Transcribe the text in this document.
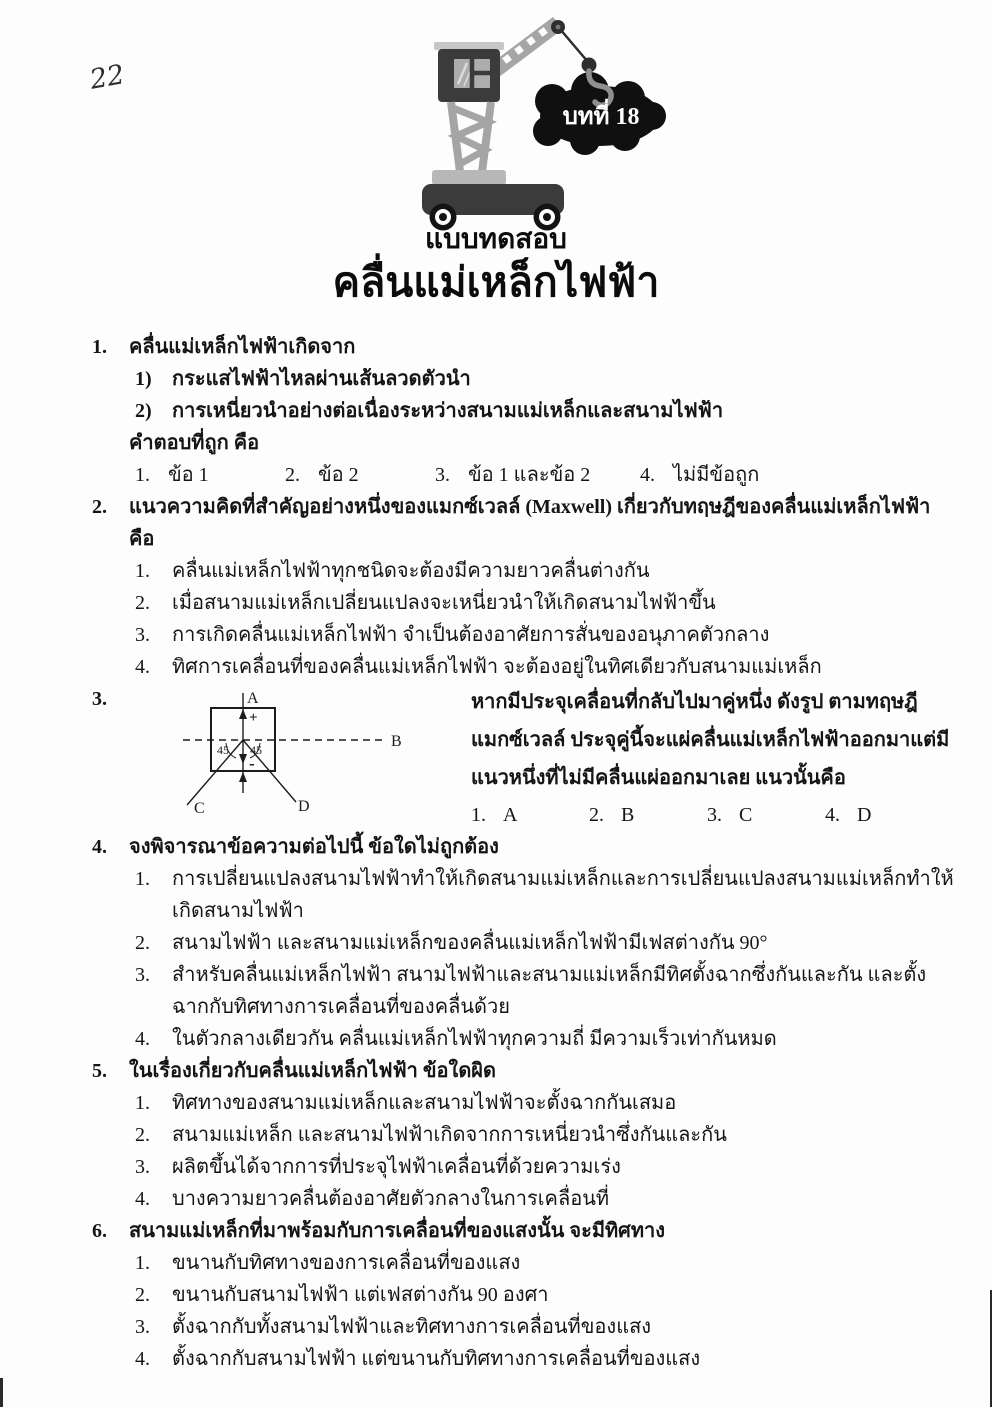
22
บทที่ 18
แบบทดสอบ
คลื่นแม่เหล็กไฟฟ้า
1.	คลื่นแม่เหล็กไฟฟ้าเกิดจาก
1)	กระแสไฟฟ้าไหลผ่านเส้นลวดตัวนำ
2)	การเหนี่ยวนำอย่างต่อเนื่องระหว่างสนามแม่เหล็กและสนามไฟฟ้า
คำตอบที่ถูก คือ
1. ข้อ 1	2. ข้อ 2	3. ข้อ 1 และข้อ 2 4. ไม่มีข้อถูก
2.	แนวความคิดที่สำคัญอย่างหนึ่งของแมกซ์เวลล์ (Maxwell) เกี่ยวกับทฤษฎีของคลื่นแม่เหล็กไฟฟ้า คือ
1.	คลื่นแม่เหล็กไฟฟ้าทุกชนิดจะต้องมีความยาวคลื่นต่างกัน
2.	เมื่อสนามแม่เหล็กเปลี่ยนแปลงจะเหนี่ยวนำให้เกิดสนามไฟฟ้าขึ้น
3.	การเกิดคลื่นแม่เหล็กไฟฟ้า จำเป็นต้องอาศัยการสั่นของอนุภาคตัวกลาง
4.	ทิศการเคลื่อนที่ของคลื่นแม่เหล็กไฟฟ้า จะต้องอยู่ในทิศเดียวกับสนามแม่เหล็ก
3.
45 45
A
B
C	D
+
-
หากมีประจุเคลื่อนที่กลับไปมาคู่หนึ่ง ดังรูป ตามทฤษฎีแมกซ์เวลล์ ประจุคู่นี้จะแผ่คลื่นแม่เหล็กไฟฟ้าออกมาแต่มีแนวหนึ่งที่ไม่มีคลื่นแผ่ออกมาเลย แนวนั้นคือ
1. A	2. B	3. C	4. D
4.	จงพิจารณาข้อความต่อไปนี้ ข้อใดไม่ถูกต้อง
1.	การเปลี่ยนแปลงสนามไฟฟ้าทำให้เกิดสนามแม่เหล็กและการเปลี่ยนแปลงสนามแม่เหล็กทำให้เกิดสนามไฟฟ้า
2.	สนามไฟฟ้า และสนามแม่เหล็กของคลื่นแม่เหล็กไฟฟ้ามีเฟสต่างกัน 90°
3.	สำหรับคลื่นแม่เหล็กไฟฟ้า สนามไฟฟ้าและสนามแม่เหล็กมีทิศตั้งฉากซึ่งกันและกัน และตั้งฉากกับทิศทางการเคลื่อนที่ของคลื่นด้วย
4.	ในตัวกลางเดียวกัน คลื่นแม่เหล็กไฟฟ้าทุกความถี่ มีความเร็วเท่ากันหมด
5.	ในเรื่องเกี่ยวกับคลื่นแม่เหล็กไฟฟ้า ข้อใดผิด
1.	ทิศทางของสนามแม่เหล็กและสนามไฟฟ้าจะตั้งฉากกันเสมอ
2.	สนามแม่เหล็ก และสนามไฟฟ้าเกิดจากการเหนี่ยวนำซึ่งกันและกัน
3.	ผลิตขึ้นได้จากการที่ประจุไฟฟ้าเคลื่อนที่ด้วยความเร่ง
4.	บางความยาวคลื่นต้องอาศัยตัวกลางในการเคลื่อนที่
6.	สนามแม่เหล็กที่มาพร้อมกับการเคลื่อนที่ของแสงนั้น จะมีทิศทาง
1.	ขนานกับทิศทางของการเคลื่อนที่ของแสง
2.	ขนานกับสนามไฟฟ้า แต่เฟสต่างกัน 90 องศา
3.	ตั้งฉากกับทั้งสนามไฟฟ้าและทิศทางการเคลื่อนที่ของแสง
4.	ตั้งฉากกับสนามไฟฟ้า แต่ขนานกับทิศทางการเคลื่อนที่ของแสง
